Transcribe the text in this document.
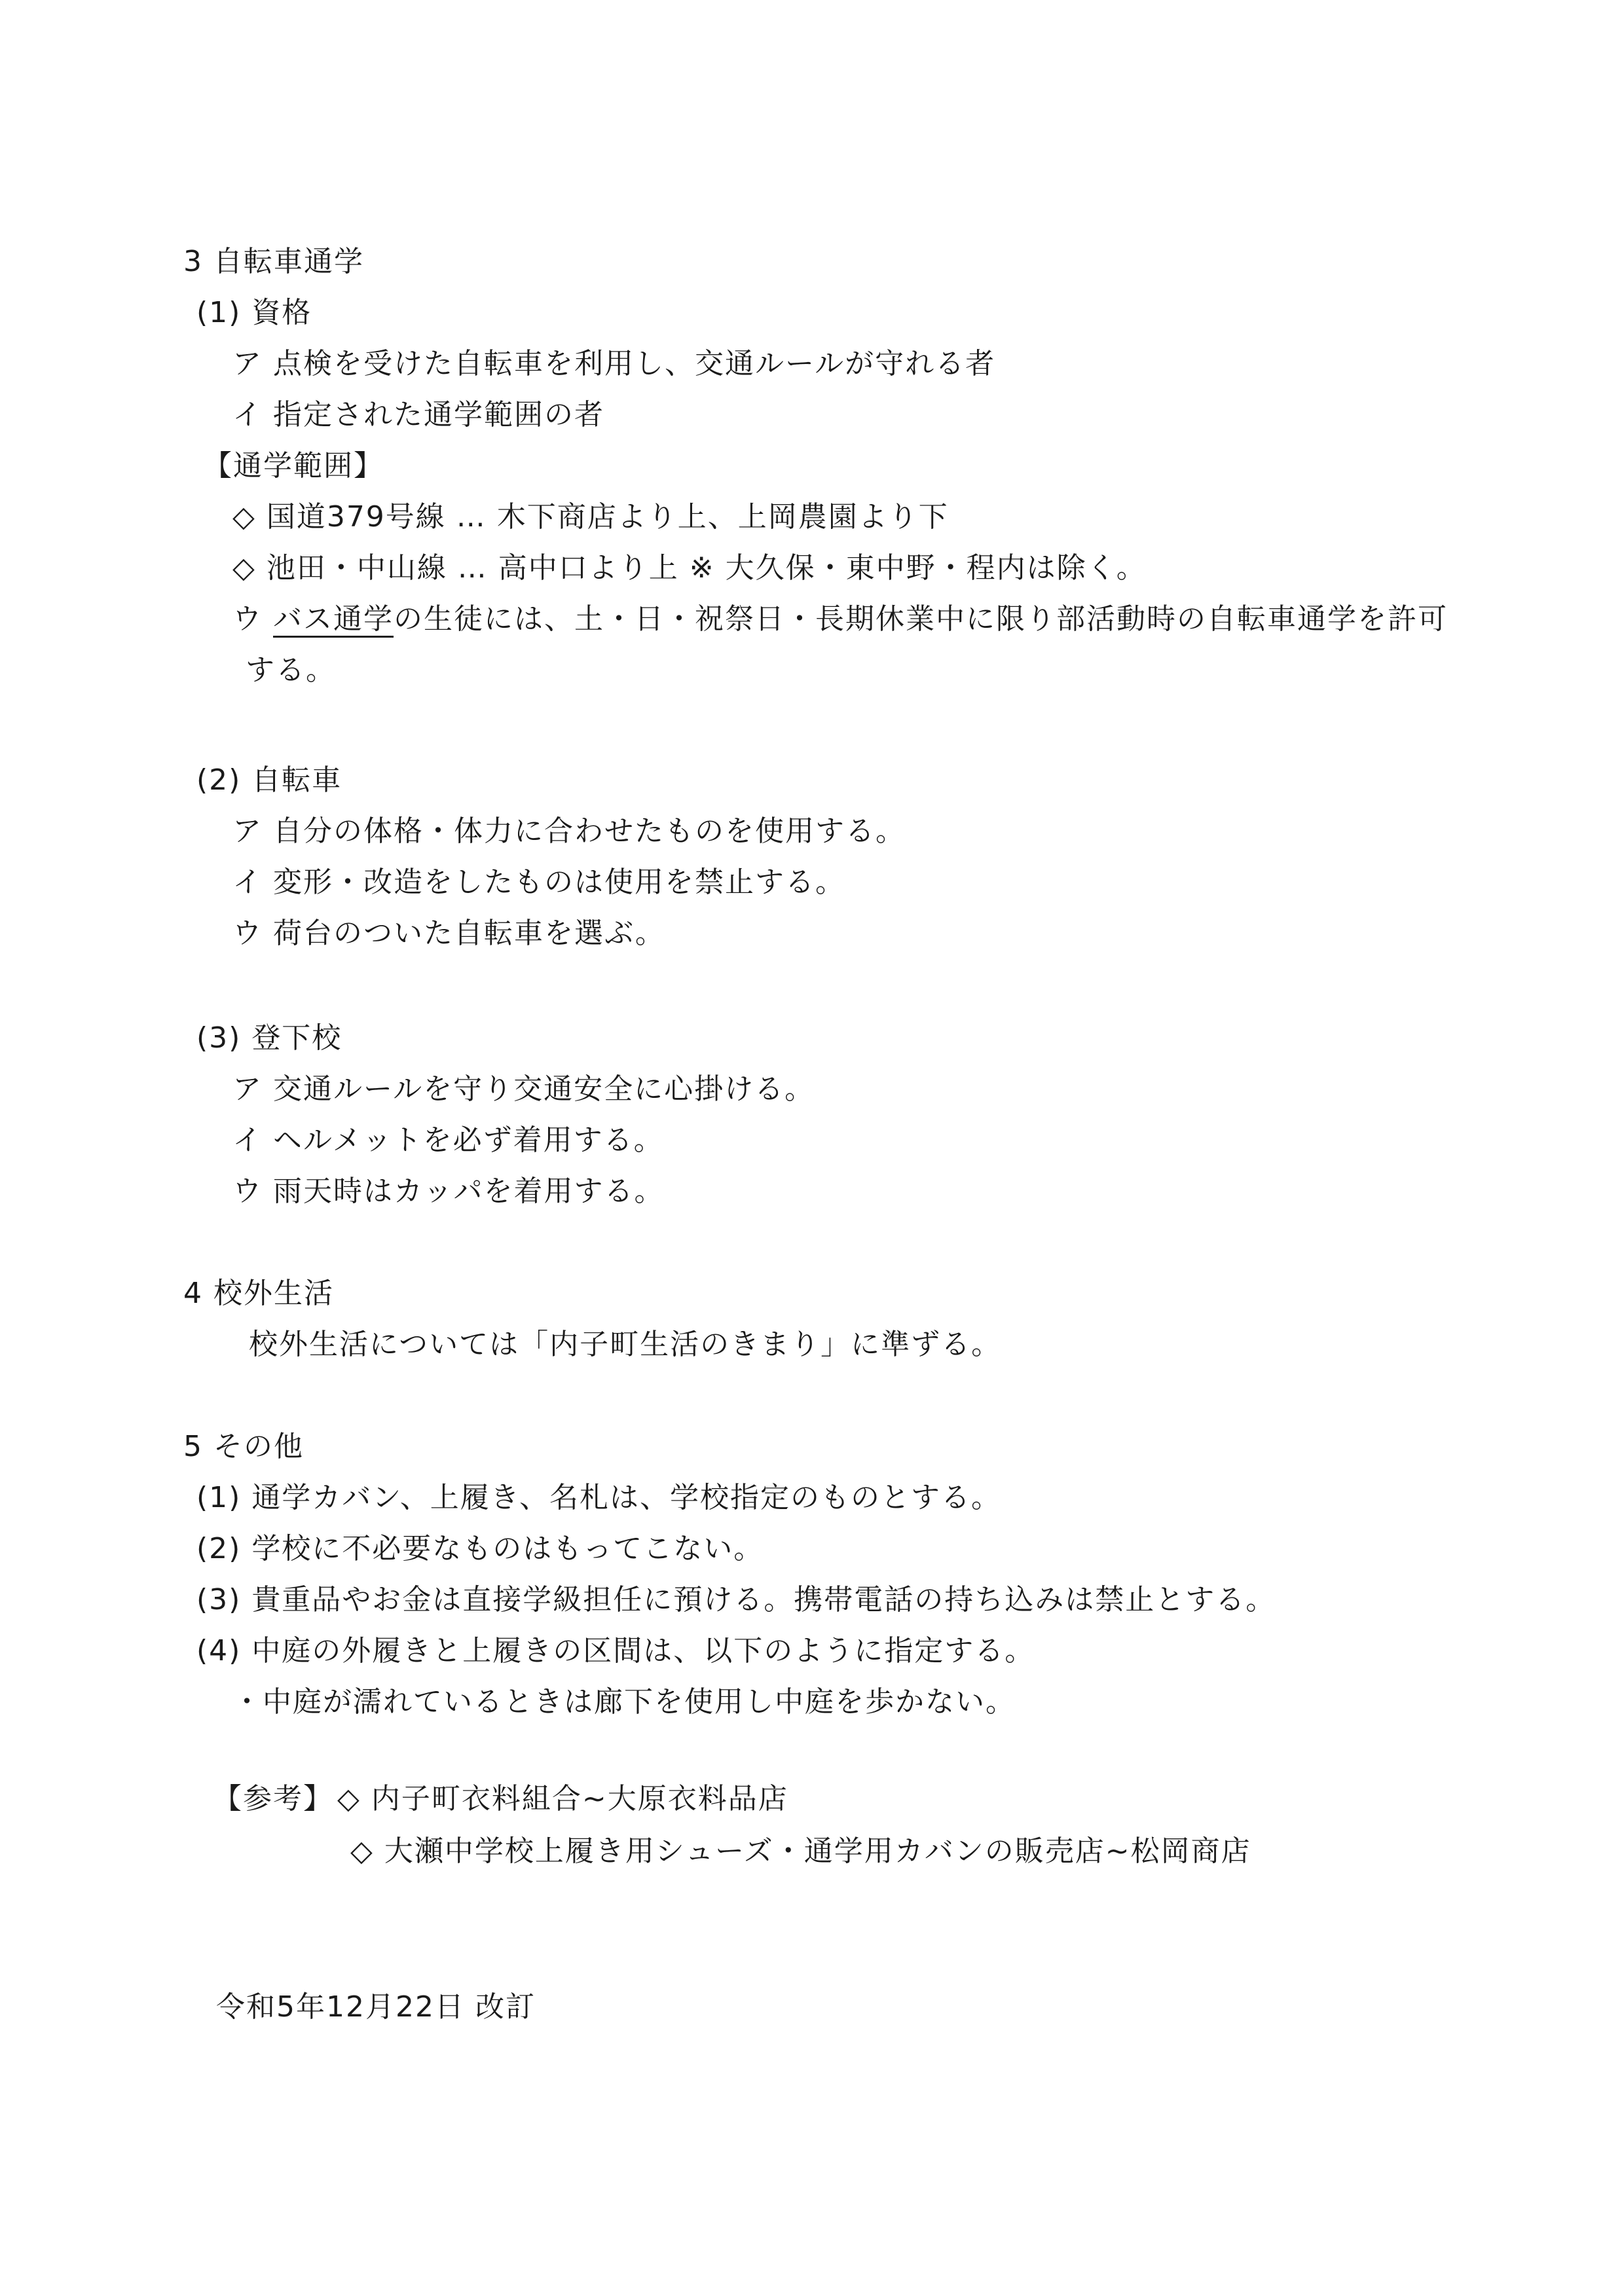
3 自転車通学
(1) 資格
ア 点検を受けた自転車を利用し、交通ルールが守れる者
イ 指定された通学範囲の者
【通学範囲】
◇ 国道379号線 … 木下商店より上、上岡農園より下
◇ 池田・中山線 … 高中口より上 ※ 大久保・東中野・程内は除く。
ウ バス通学の生徒には、土・日・祝祭日・長期休業中に限り部活動時の自転車通学を許可
する。
(2) 自転車
ア 自分の体格・体力に合わせたものを使用する。
イ 変形・改造をしたものは使用を禁止する。
ウ 荷台のついた自転車を選ぶ。
(3) 登下校
ア 交通ルールを守り交通安全に心掛ける。
イ ヘルメットを必ず着用する。
ウ 雨天時はカッパを着用する。
4 校外生活
校外生活については「内子町生活のきまり」に準ずる。
5 その他
(1) 通学カバン、上履き、名札は、学校指定のものとする。
(2) 学校に不必要なものはもってこない。
(3) 貴重品やお金は直接学級担任に預ける。携帯電話の持ち込みは禁止とする。
(4) 中庭の外履きと上履きの区間は、以下のように指定する。
・中庭が濡れているときは廊下を使用し中庭を歩かない。
【参考】 ◇ 内子町衣料組合~大原衣料品店
◇ 大瀬中学校上履き用シューズ・通学用カバンの販売店~松岡商店
令和5年12月22日 改訂
